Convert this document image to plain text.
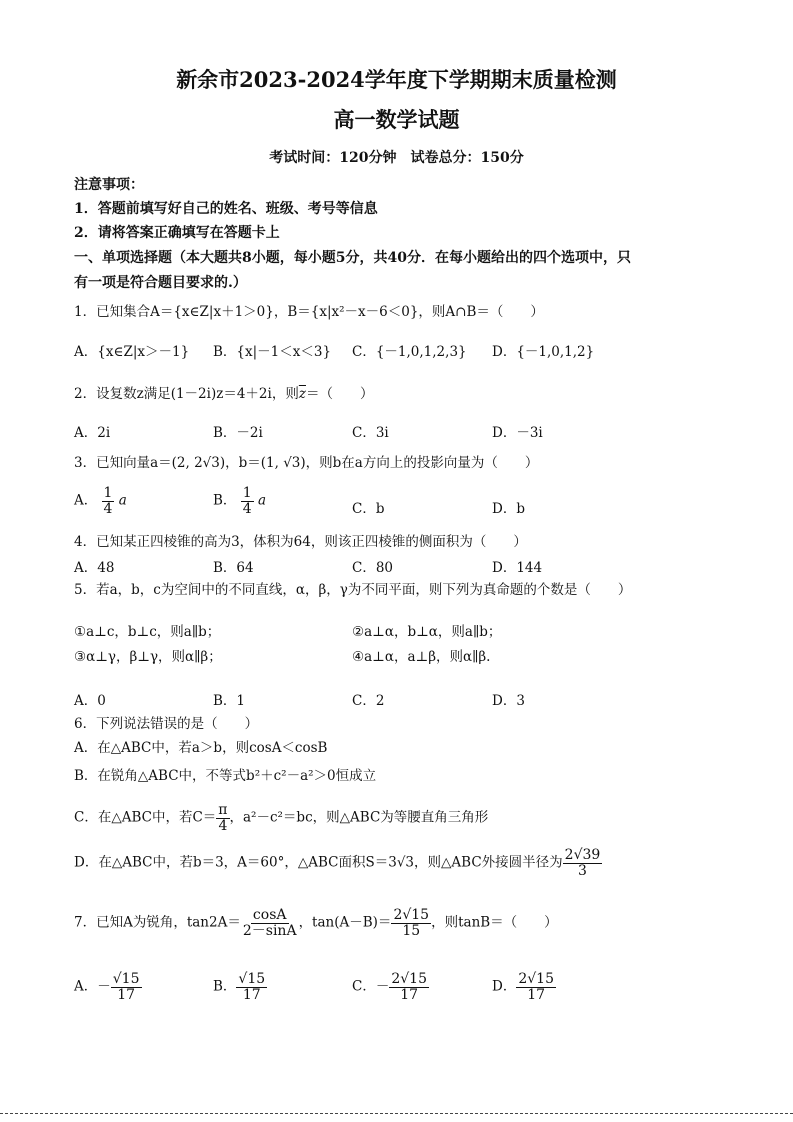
新余市2023-2024学年度下学期期末质量检测
高一数学试题
考试时间：120分钟　试卷总分：150分
注意事项：
1．答题前填写好自己的姓名、班级、考号等信息
2．请将答案正确填写在答题卡上
一、单项选择题（本大题共8小题，每小题5分，共40分．在每小题给出的四个选项中，只
有一项是符合题目要求的.）
1．已知集合A＝{x∈Z|x＋1＞0}，B＝{x|x²－x－6＜0}，则A∩B＝（　　）
A．{x∈Z|x＞－1} B．{x|－1＜x＜3} C．{－1,0,1,2,3} D．{－1,0,1,2}
2．设复数z满足(1－2i)z＝4＋2i，则$\overline{z}=$（　　）
A．2i	B．－2i	C．3i	D．－3i
3．已知向量a＝(2, 2√3)，b＝(1, √3)，则b在a方向上的投影向量为（　　）
A． $\frac{1}{4}$ a	B． $\frac{1}{4}$ a
C．b	D．b
4．已知某正四棱锥的高为3，体积为64，则该正四棱锥的侧面积为（　　）
A．48	B．64	C．80	D．144
5．若a，b，c为空间中的不同直线，α，β，γ为不同平面，则下列为真命题的个数是（　　）
①a⊥c，b⊥c，则a∥b；	②a⊥α，b⊥α，则a∥b；
③α⊥γ，β⊥γ，则α∥β；	④a⊥α，a⊥β，则α∥β.
A．0	B．1	C．2	D．3
6．下列说法错误的是（　　）
A．在△ABC中，若a＞b，则cosA＜cosB
B．在锐角△ABC中，不等式b²＋c²－a²＞0恒成立
C．在△ABC中，若$C= \frac{\pi}{4}$ ，a²－c²＝bc，则△ABC为等腰直角三角形
D．在△ABC中，若b＝3，A＝60°，△ABC面积S＝3√3，则△ABC外接圆半径为 $\frac{2√39}{3}$
7．已知A为锐角，$\tan 2A= \frac{\cos A}{2-\sin A}$ ，$\tan(A-B)= \frac{2√15}{15}$ ，则tanB＝（　　）
A．－ $\frac{√15}{17}$	B． $\frac{√15}{17}$	C．－ $\frac{2√15}{17}$	D． $\frac{2√15}{17}$
